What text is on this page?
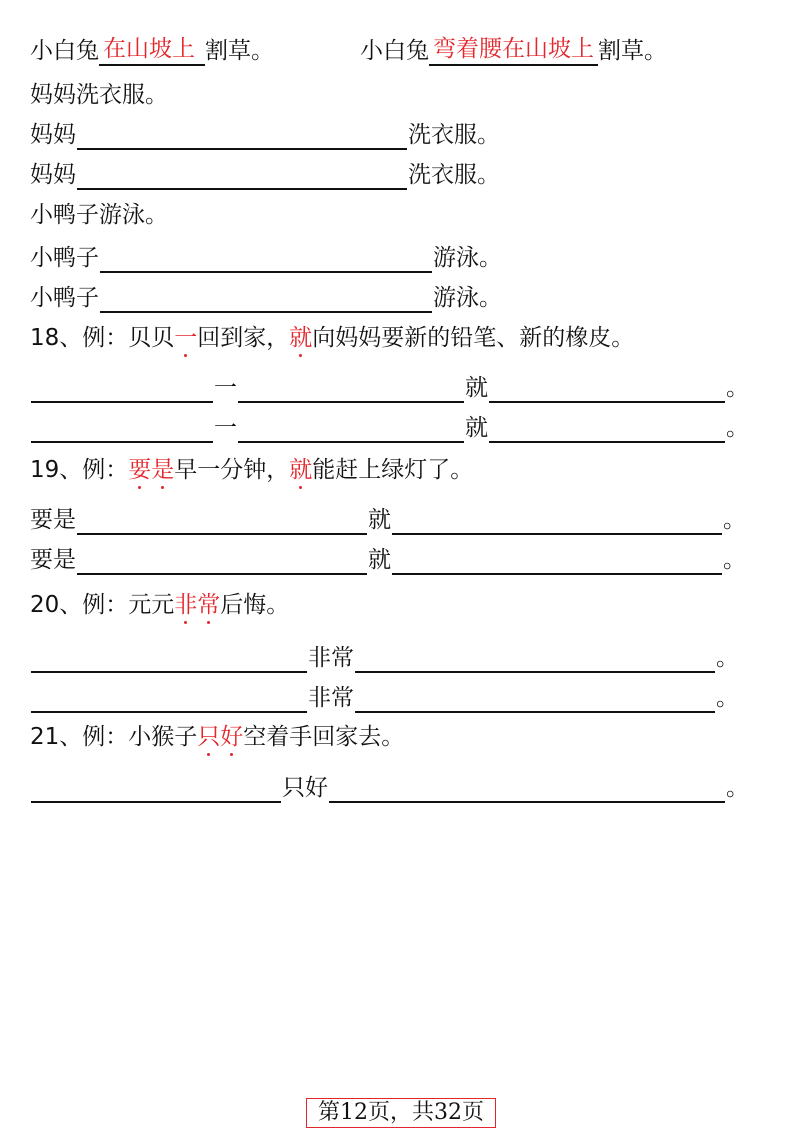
小白兔 在山坡上 割草。	小白兔 弯着腰在山坡上 割草。
妈妈洗衣服。
妈妈	洗衣服。
妈妈	洗衣服。
小鸭子游泳。
小鸭子	游泳。
小鸭子	游泳。
18、例：贝贝一回到家，就向妈妈要新的铅笔、新的橡皮。
一	就	。
一	就	。
19、例：要是早一分钟，就能赶上绿灯了。
要是	就	。
要是	就	。
20、例：元元非常后悔。
非常	。
非常	。
21、例：小猴子只好空着手回家去。
只好	。
第12页，共32页
